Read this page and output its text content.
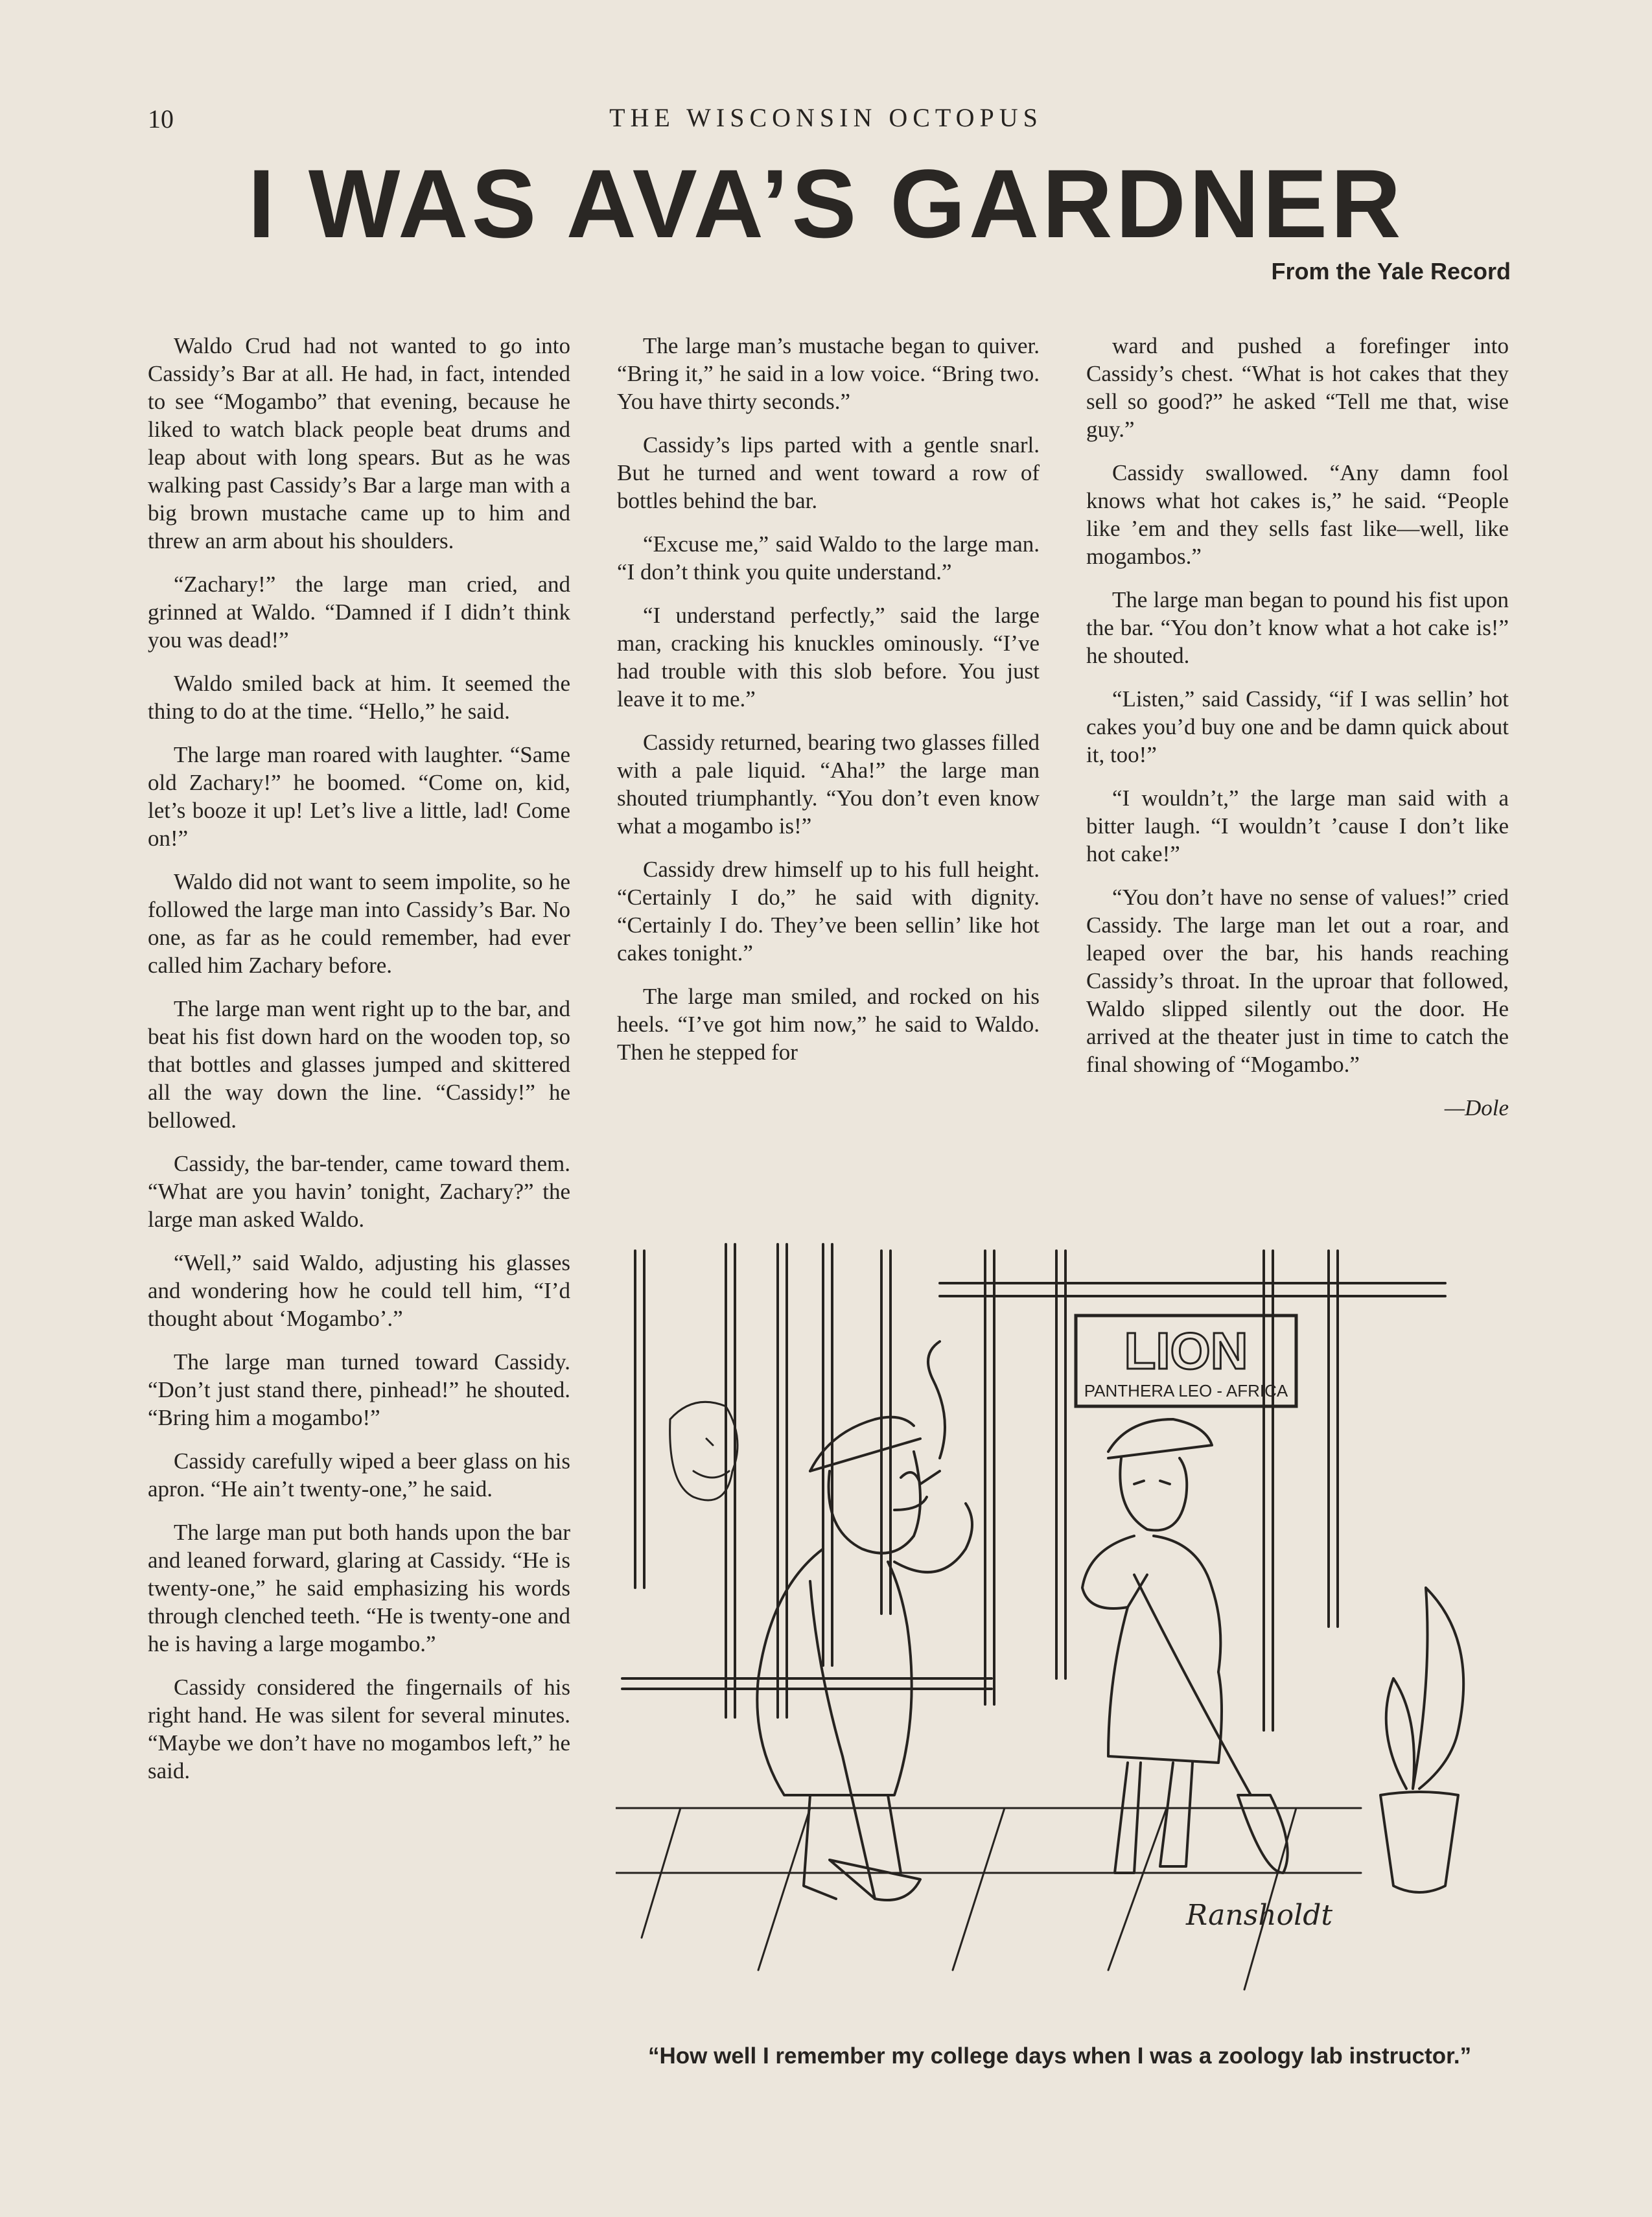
10	THE WISCONSIN OCTOPUS
I WAS AVA’S GARDNER
From the Yale Record

Waldo Crud had not wanted to go into Cassidy’s Bar at all. He had, in fact, intended to see “Mogambo” that evening, because he liked to watch black people beat drums and leap about with long spears. But as he was walking past Cassidy’s Bar a large man with a big brown mustache came up to him and threw an arm about his shoulders.

“Zachary!” the large man cried, and grinned at Waldo. “Damned if I didn’t think you was dead!”

Waldo smiled back at him. It seemed the thing to do at the time. “Hello,” he said.

The large man roared with laughter. “Same old Zachary!” he boomed. “Come on, kid, let’s booze it up! Let’s live a little, lad! Come on!”

Waldo did not want to seem impolite, so he followed the large man into Cassidy’s Bar. No one, as far as he could remember, had ever called him Zachary before.

The large man went right up to the bar, and beat his fist down hard on the wooden top, so that bottles and glasses jumped and skittered all the way down the line. “Cassidy!” he bellowed.

Cassidy, the bar-tender, came toward them. “What are you havin’ tonight, Zachary?” the large man asked Waldo.

“Well,” said Waldo, adjusting his glasses and wondering how he could tell him, “I’d thought about ‘Mogambo’.”

The large man turned toward Cassidy. “Don’t just stand there, pinhead!” he shouted. “Bring him a mogambo!”

Cassidy carefully wiped a beer glass on his apron. “He ain’t twenty-one,” he said.

The large man put both hands upon the bar and leaned forward, glaring at Cassidy. “He is twenty-one,” he said emphasizing his words through clenched teeth. “He is twenty-one and he is having a large mogambo.”

Cassidy considered the fingernails of his right hand. He was silent for several minutes. “Maybe we don’t have no mogambos left,” he said.

The large man’s mustache began to quiver. “Bring it,” he said in a low voice. “Bring two. You have thirty seconds.”

Cassidy’s lips parted with a gentle snarl. But he turned and went toward a row of bottles behind the bar.

“Excuse me,” said Waldo to the large man. “I don’t think you quite understand.”

“I understand perfectly,” said the large man, cracking his knuckles ominously. “I’ve had trouble with this slob before. You just leave it to me.”

Cassidy returned, bearing two glasses filled with a pale liquid. “Aha!” the large man shouted triumphantly. “You don’t even know what a mogambo is!”

Cassidy drew himself up to his full height. “Certainly I do,” he said with dignity. “Certainly I do. They’ve been sellin’ like hot cakes tonight.”

The large man smiled, and rocked on his heels. “I’ve got him now,” he said to Waldo. Then he stepped for

ward and pushed a forefinger into Cassidy’s chest. “What is hot cakes that they sell so good?” he asked “Tell me that, wise guy.”

Cassidy swallowed. “Any damn fool knows what hot cakes is,” he said. “People like ’em and they sells fast like—well, like mogambos.”

The large man began to pound his fist upon the bar. “You don’t know what a hot cake is!” he shouted.

“Listen,” said Cassidy, “if I was sellin’ hot cakes you’d buy one and be damn quick about it, too!”

“I wouldn’t,” the large man said with a bitter laugh. “I wouldn’t ’cause I don’t like hot cake!”

“You don’t have no sense of values!” cried Cassidy. The large man let out a roar, and leaped over the bar, his hands reaching Cassidy’s throat. In the uproar that followed, Waldo slipped silently out the door. He arrived at the theater just in time to catch the final showing of “Mogambo.”

—Dole

LION
PANTHERA LEO - AFRICA
Ransholdt
“How well I remember my college days when I was a zoology lab instructor.”
